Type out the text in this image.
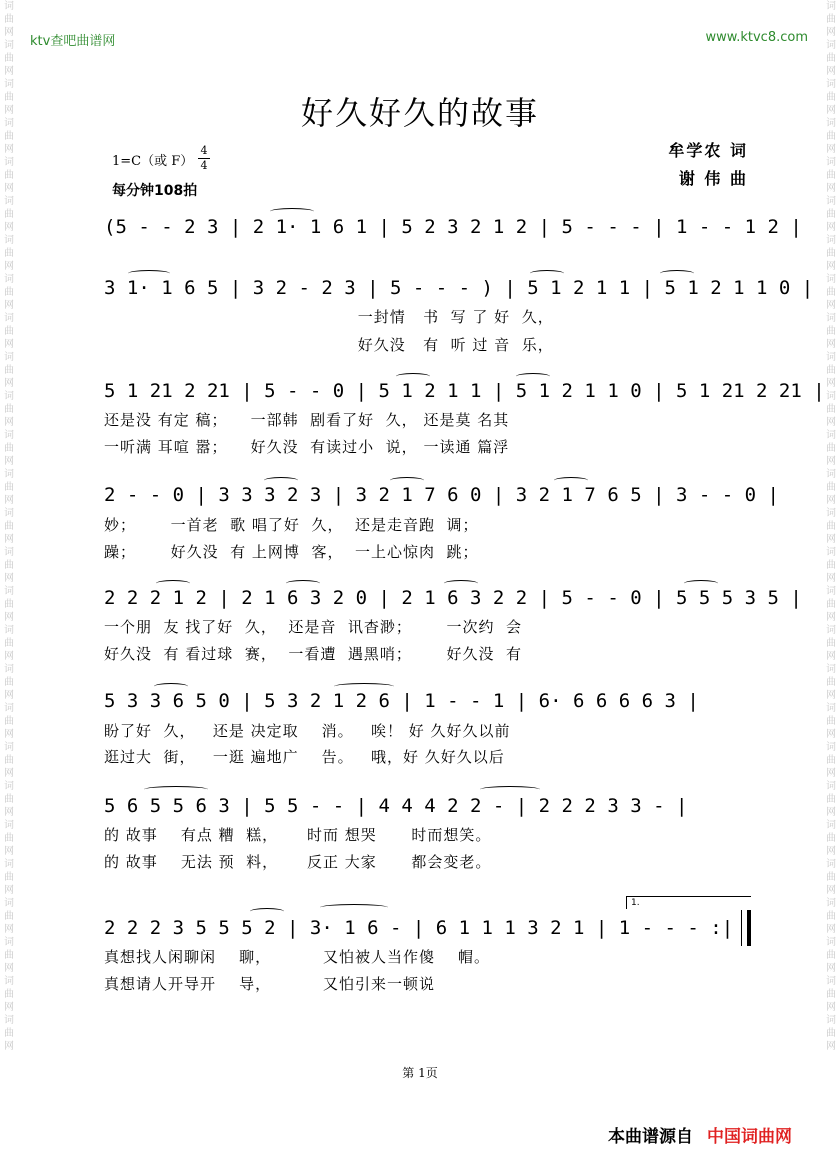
词曲网词曲网词曲网词曲网词曲网词曲网词曲网词曲网词曲网词曲网词曲网词曲网词曲网词曲网词曲网词曲网词曲网词曲网词曲网词曲网词曲网词曲网词曲网词曲网词曲网词曲网词曲网
词曲网词曲网词曲网词曲网词曲网词曲网词曲网词曲网词曲网词曲网词曲网词曲网词曲网词曲网词曲网词曲网词曲网词曲网词曲网词曲网词曲网词曲网词曲网词曲网词曲网词曲网词曲网
ktv查吧曲谱网	www.ktvc8.com
好久好久的故事
1=C（或 F）
4
4
每分钟108拍
牟学农 词
谢 伟 曲
(5 - - 2 3 | 2 1· 1 6 1 | 5 2 3 2 1 2 | 5 - - - | 1 - - 1 2 |
3 1· 1 6 5 | 3 2 - 2 3 | 5 - - - ) | 5 1 2 1 1 | 5 1 2 1 1 0 |
一封情   书  写 了 好  久，
好久没   有  听 过 音  乐，
5 1 21 2 21 | 5 - - 0 | 5 1 2 1 1 | 5 1 2 1 1 0 | 5 1 21 2 21 |
还是没 有定 稿；    一部韩  剧看了好  久， 还是莫 名其
一听满 耳喧 嚣；    好久没  有读过小  说， 一读通 篇浮
2 - - 0 | 3 3 3 2 3 | 3 2 1 7 6 0 | 3 2 1 7 6 5 | 3 - - 0 |
妙；      一首老  歌 唱了好  久，  还是走音跑  调；
躁；      好久没  有 上网博  客，  一上心惊肉  跳；
2 2 2 1 2 | 2 1 6 3 2 0 | 2 1 6 3 2 2 | 5 - - 0 | 5 5 5 3 5 |
一个朋  友 找了好  久，  还是音  讯杳渺；      一次约  会
好久没  有 看过球  赛，  一看遭  遇黑哨；      好久没  有
5 3 3 6 5 0 | 5 3 2 1 2 6 | 1 - - 1 | 6· 6 6 6 6 3 |
盼了好  久，   还是 决定取    消。   唉！ 好 久好久以前
逛过大  街，   一逛 遍地广    告。   哦，好 久好久以后
5 6 5 5 6 3 | 5 5 - - | 4 4 4 2 2 - | 2 2 2 3 3 - |
的 故事    有点 糟  糕，     时而 想哭      时而想笑。
的 故事    无法 预  料，     反正 大家      都会变老。
1.
2 2 2 3 5 5 5 2 | 3· 1 6 - | 6 1 1 1 3 2 1 | 1 - - - :|
真想找人闲聊闲    聊，         又怕被人当作傻    帽。
真想请人开导开    导，         又怕引来一顿说
第 1页
本曲谱源自 中国词曲网
